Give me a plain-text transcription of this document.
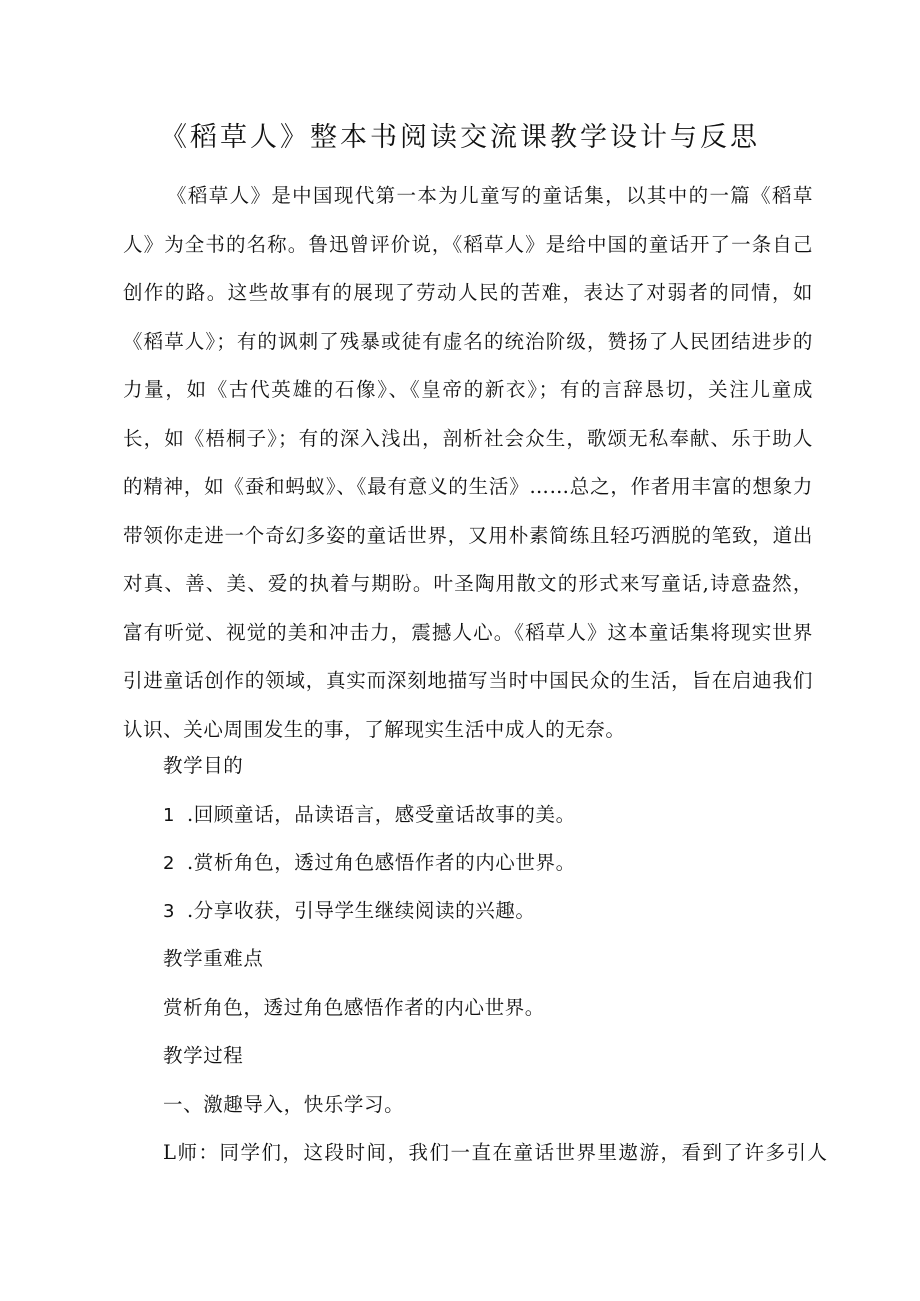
《稻草人》整本书阅读交流课教学设计与反思
《稻草人》是中国现代第一本为儿童写的童话集，以其中的一篇《稻草人》为全书的名称。鲁迅曾评价说，《稻草人》是给中国的童话开了一条自己创作的路。这些故事有的展现了劳动人民的苦难，表达了对弱者的同情，如《稻草人》；有的讽刺了残暴或徒有虚名的统治阶级，赞扬了人民团结进步的力量，如《古代英雄的石像》、《皇帝的新衣》；有的言辞恳切，关注儿童成长，如《梧桐子》；有的深入浅出，剖析社会众生，歌颂无私奉献、乐于助人的精神，如《蚕和蚂蚁》、《最有意义的生活》……总之，作者用丰富的想象力带领你走进一个奇幻多姿的童话世界，又用朴素简练且轻巧洒脱的笔致，道出对真、善、美、爱的执着与期盼。叶圣陶用散文的形式来写童话,诗意盎然，富有听觉、视觉的美和冲击力，震撼人心。《稻草人》这本童话集将现实世界引进童话创作的领域，真实而深刻地描写当时中国民众的生活，旨在启迪我们认识、关心周围发生的事，了解现实生活中成人的无奈。
教学目的
1 .回顾童话，品读语言，感受童话故事的美。
2 .赏析角色，透过角色感悟作者的内心世界。
3 .分享收获，引导学生继续阅读的兴趣。
教学重难点
赏析角色，透过角色感悟作者的内心世界。
教学过程
一、激趣导入，快乐学习。
L师：同学们，这段时间，我们一直在童话世界里遨游，看到了许多引人
